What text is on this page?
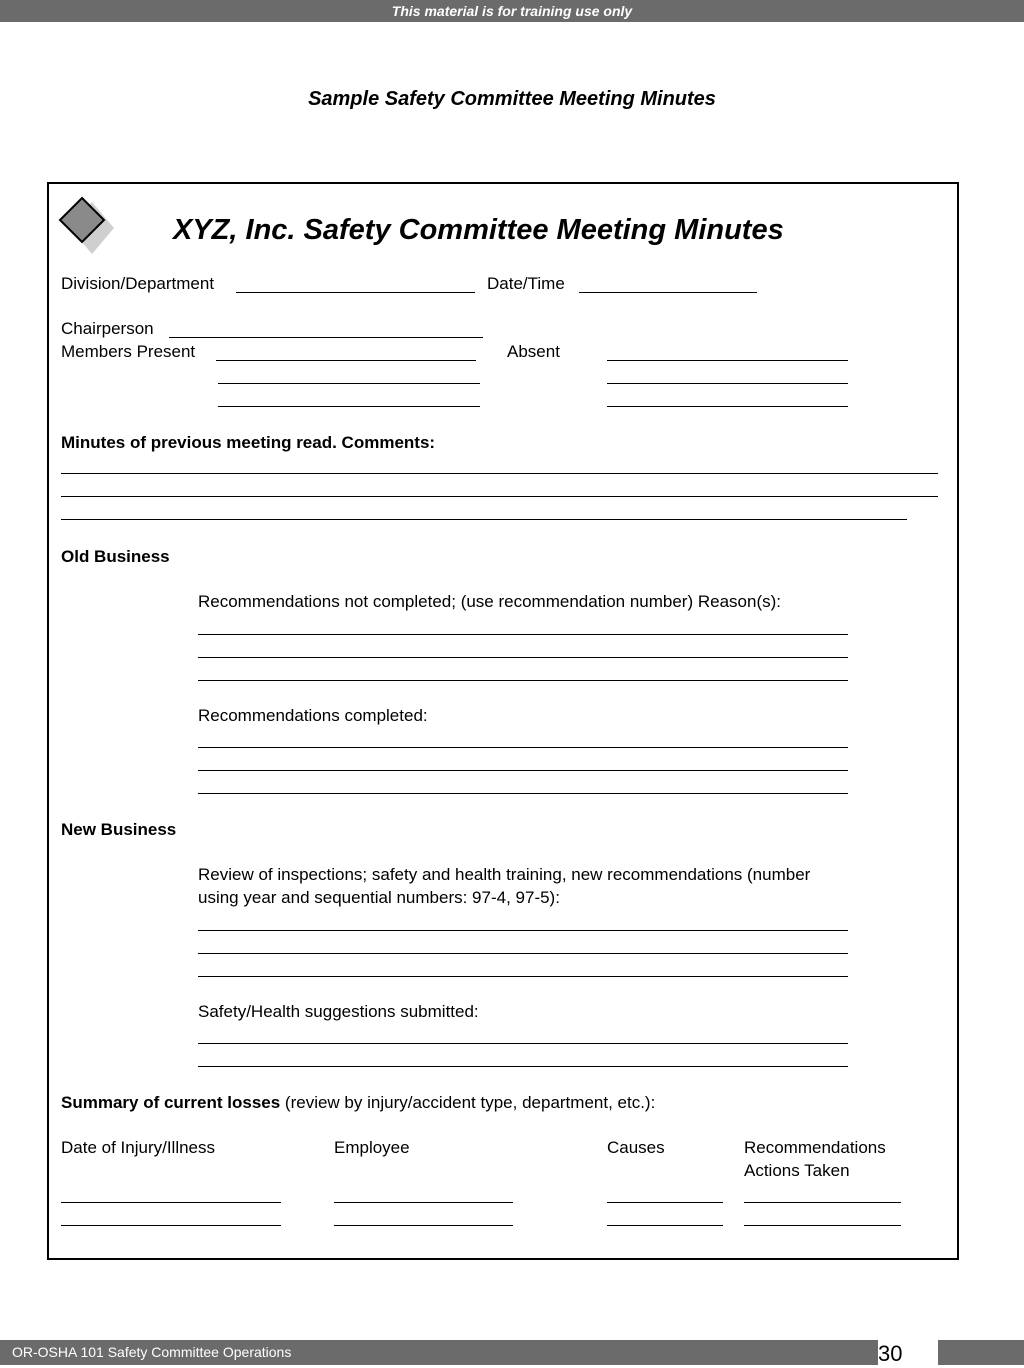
This material is for training use only
Sample Safety Committee Meeting Minutes
XYZ, Inc. Safety Committee Meeting Minutes
Division/Department	Date/Time
Chairperson
Members Present	Absent
Minutes of previous meeting read. Comments:
Old Business
Recommendations not completed; (use recommendation number) Reason(s):
Recommendations completed:
New Business
Review of inspections; safety and health training, new recommendations (number
using year and sequential numbers: 97-4, 97-5):
Safety/Health suggestions submitted:
Summary of current losses (review by injury/accident type, department, etc.):
Date of Injury/Illness	Employee	Causes	Recommendations
Actions Taken
OR-OSHA 101 Safety Committee Operations	30
